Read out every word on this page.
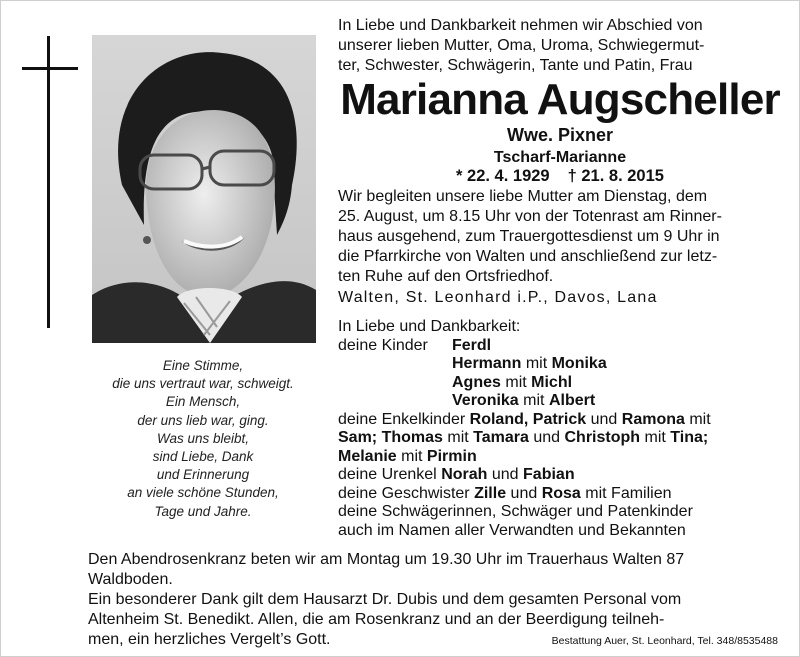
Eine Stimme,
die uns vertraut war, schweigt.
Ein Mensch,
der uns lieb war, ging.
Was uns bleibt,
sind Liebe, Dank
und Erinnerung
an viele schöne Stunden,
Tage und Jahre.
In Liebe und Dankbarkeit nehmen wir Abschied von
unserer lieben Mutter, Oma, Uroma, Schwiegermut-
ter, Schwester, Schwägerin, Tante und Patin, Frau
Marianna Augscheller
Wwe. Pixner
Tscharf-Marianne
* 22. 4. 1929 † 21. 8. 2015
Wir begleiten unsere liebe Mutter am Dienstag, dem
25. August, um 8.15 Uhr von der Totenrast am Rinner-
haus ausgehend, zum Trauergottesdienst um 9 Uhr in
die Pfarrkirche von Walten und anschließend zur letz-
ten Ruhe auf den Ortsfriedhof.
Walten, St. Leonhard i.P., Davos, Lana
In Liebe und Dankbarkeit:
deine Kinder Ferdl
Hermann mit Monika
Agnes mit Michl
Veronika mit Albert
deine Enkelkinder Roland, Patrick und Ramona mit
Sam; Thomas mit Tamara und Christoph mit Tina;
Melanie mit Pirmin
deine Urenkel Norah und Fabian
deine Geschwister Zille und Rosa mit Familien
deine Schwägerinnen, Schwäger und Patenkinder
auch im Namen aller Verwandten und Bekannten
Den Abendrosenkranz beten wir am Montag um 19.30 Uhr im Trauerhaus Walten 87
Waldboden.
Ein besonderer Dank gilt dem Hausarzt Dr. Dubis und dem gesamten Personal vom
Altenheim St. Benedikt. Allen, die am Rosenkranz und an der Beerdigung teilneh-
men, ein herzliches Vergelt’s Gott.	Bestattung Auer, St. Leonhard, Tel. 348/8535488
